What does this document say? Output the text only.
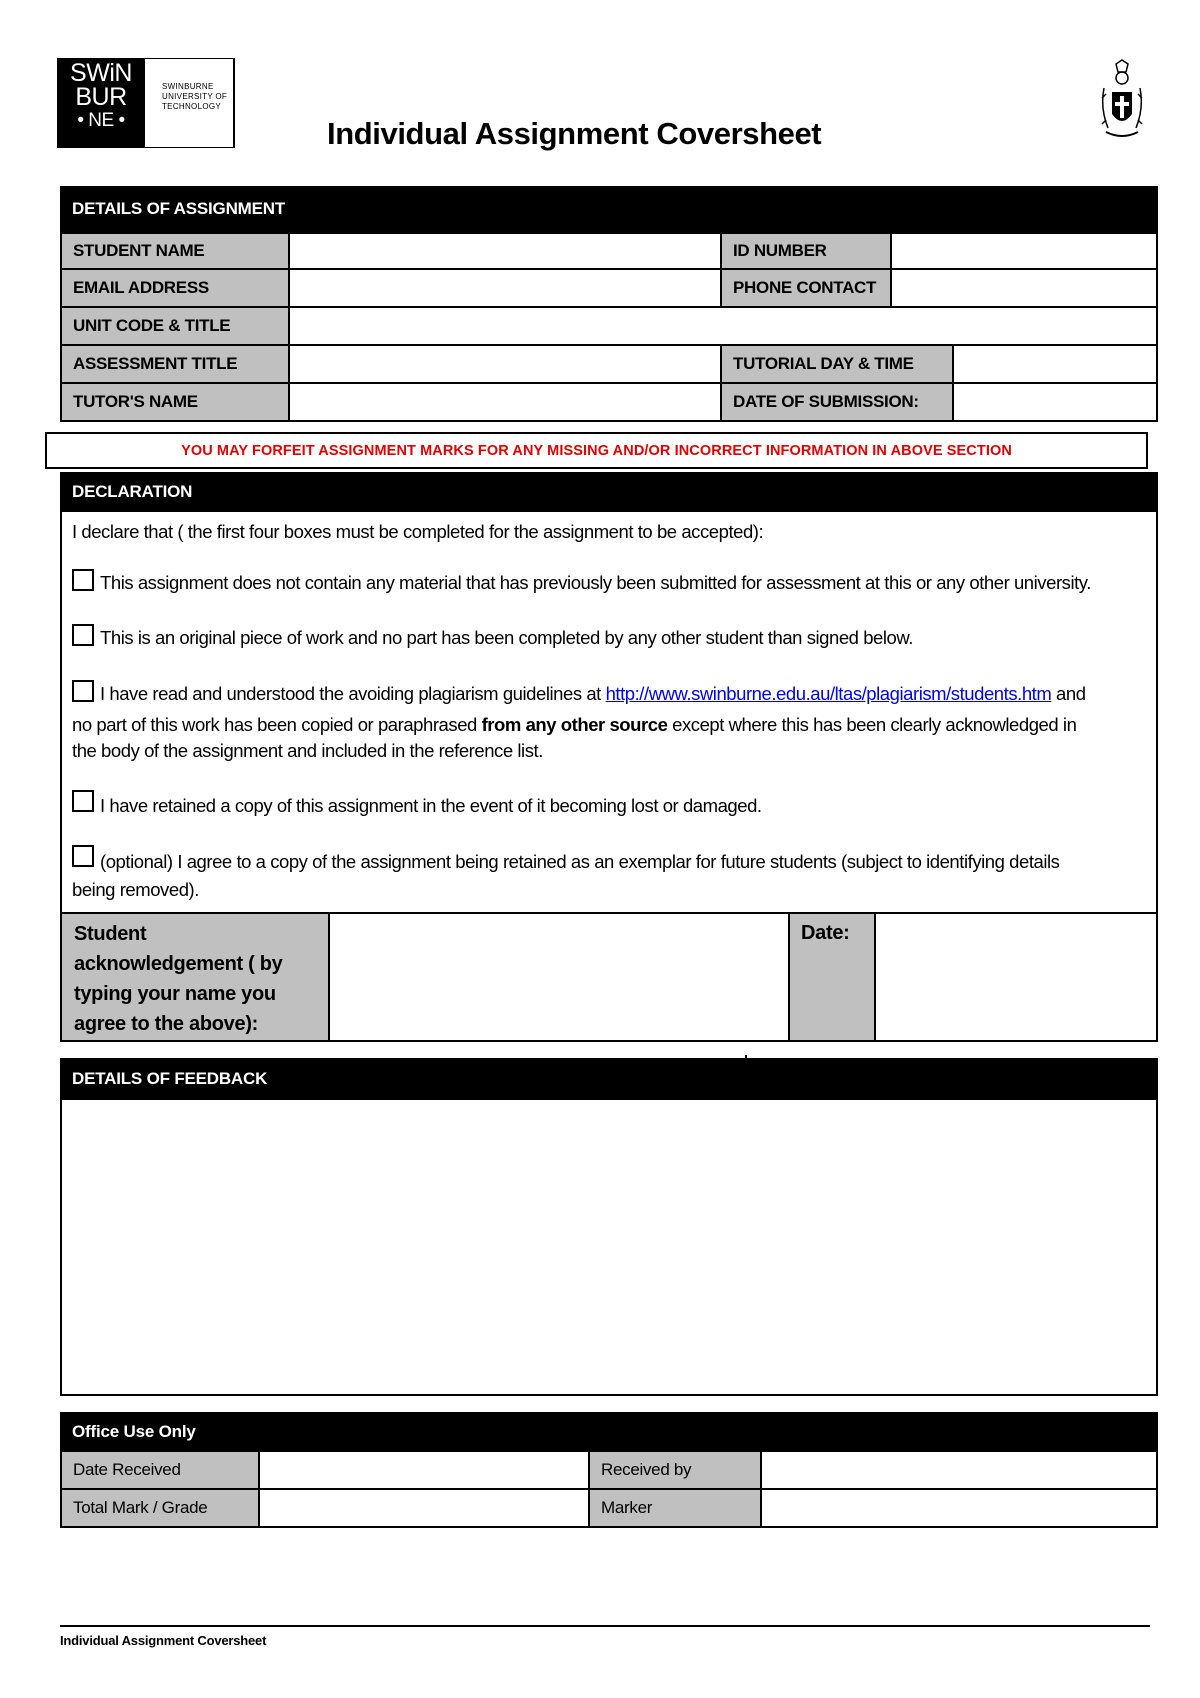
SWiN
BUR
• NE •
SWINBURNE
UNIVERSITY OF
TECHNOLOGY
Individual Assignment Coversheet
DETAILS OF ASSIGNMENT
STUDENT NAME	ID NUMBER
EMAIL ADDRESS	PHONE CONTACT
UNIT CODE & TITLE
ASSESSMENT TITLE	TUTORIAL DAY & TIME
TUTOR'S NAME	DATE OF SUBMISSION:
YOU MAY FORFEIT ASSIGNMENT MARKS FOR ANY MISSING AND/OR INCORRECT INFORMATION IN ABOVE SECTION
DECLARATION
I declare that ( the first four boxes must be completed for the assignment to be accepted):
This assignment does not contain any material that has previously been submitted for assessment at this or any other university.
This is an original piece of work and no part has been completed by any other student than signed below.
I have read and understood the avoiding plagiarism guidelines at http://www.swinburne.edu.au/ltas/plagiarism/students.htm and
no part of this work has been copied or paraphrased from any other source except where this has been clearly acknowledged in
the body of the assignment and included in the reference list.
I have retained a copy of this assignment in the event of it becoming lost or damaged.
(optional) I agree to a copy of the assignment being retained as an exemplar for future students (subject to identifying details
being removed).
Student
acknowledgement ( by
typing your name you
agree to the above):
Date:
DETAILS OF FEEDBACK
Office Use Only
Date Received	Received by
Total Mark / Grade	Marker
Individual Assignment Coversheet
